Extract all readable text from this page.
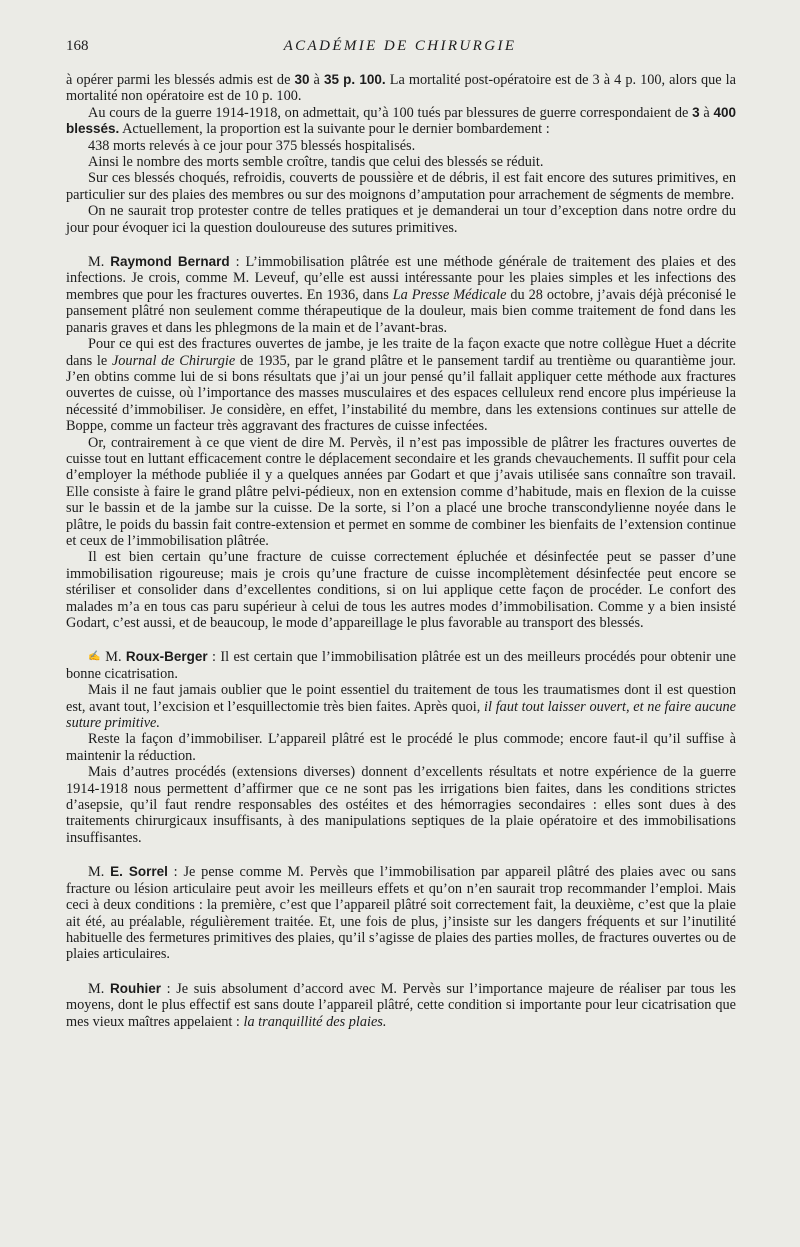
168	ACADÉMIE DE CHIRURGIE

à opérer parmi les blessés admis est de 30 à 35 p. 100. La mortalité post-opératoire est de 3 à 4 p. 100, alors que la mortalité non opératoire est de 10 p. 100.

Au cours de la guerre 1914-1918, on admettait, qu’à 100 tués par blessures de guerre correspondaient de 3 à 400 blessés. Actuellement, la proportion est la suivante pour le dernier bombardement :

438 morts relevés à ce jour pour 375 blessés hospitalisés.

Ainsi le nombre des morts semble croître, tandis que celui des blessés se réduit.

Sur ces blessés choqués, refroidis, couverts de poussière et de débris, il est fait encore des sutures primitives, en particulier sur des plaies des membres ou sur des moignons d’amputation pour arrachement de ségments de membre.

On ne saurait trop protester contre de telles pratiques et je demanderai un tour d’exception dans notre ordre du jour pour évoquer ici la question douloureuse des sutures primitives.

M. Raymond Bernard : L’immobilisation plâtrée est une méthode générale de traitement des plaies et des infections. Je crois, comme M. Leveuf, qu’elle est aussi intéressante pour les plaies simples et les infections des membres que pour les fractures ouvertes. En 1936, dans La Presse Médicale du 28 octobre, j’avais déjà préconisé le pansement plâtré non seulement comme thérapeutique de la douleur, mais bien comme traitement de fond dans les panaris graves et dans les phlegmons de la main et de l’avant-bras.

Pour ce qui est des fractures ouvertes de jambe, je les traite de la façon exacte que notre collègue Huet a décrite dans le Journal de Chirurgie de 1935, par le grand plâtre et le pansement tardif au trentième ou quarantième jour. J’en obtins comme lui de si bons résultats que j’ai un jour pensé qu’il fallait appliquer cette méthode aux fractures ouvertes de cuisse, où l’importance des masses musculaires et des espaces celluleux rend encore plus impérieuse la nécessité d’immobiliser. Je considère, en effet, l’instabilité du membre, dans les extensions continues sur attelle de Boppe, comme un facteur très aggravant des fractures de cuisse infectées.

Or, contrairement à ce que vient de dire M. Pervès, il n’est pas impossible de plâtrer les fractures ouvertes de cuisse tout en luttant efficacement contre le déplacement secondaire et les grands chevauchements. Il suffit pour cela d’employer la méthode publiée il y a quelques années par Godart et que j’avais utilisée sans connaître son travail. Elle consiste à faire le grand plâtre pelvi-pédieux, non en extension comme d’habitude, mais en flexion de la cuisse sur le bassin et de la jambe sur la cuisse. De la sorte, si l’on a placé une broche transcondylienne noyée dans le plâtre, le poids du bassin fait contre-extension et permet en somme de combiner les bienfaits de l’extension continue et ceux de l’immobilisation plâtrée.

Il est bien certain qu’une fracture de cuisse correctement épluchée et désinfectée peut se passer d’une immobilisation rigoureuse; mais je crois qu’une fracture de cuisse incomplètement désinfectée peut encore se stériliser et consolider dans d’excellentes conditions, si on lui applique cette façon de procéder. Le confort des malades m’a en tous cas paru supérieur à celui de tous les autres modes d’immobilisation. Comme y a bien insisté Godart, c’est aussi, et de beaucoup, le mode d’appareillage le plus favorable au transport des blessés.

✍ M. Roux-Berger : Il est certain que l’immobilisation plâtrée est un des meilleurs procédés pour obtenir une bonne cicatrisation.

Mais il ne faut jamais oublier que le point essentiel du traitement de tous les traumatismes dont il est question est, avant tout, l’excision et l’esquillectomie très bien faites. Après quoi, il faut tout laisser ouvert, et ne faire aucune suture primitive.

Reste la façon d’immobiliser. L’appareil plâtré est le procédé le plus commode; encore faut-il qu’il suffise à maintenir la réduction.

Mais d’autres procédés (extensions diverses) donnent d’excellents résultats et notre expérience de la guerre 1914-1918 nous permettent d’affirmer que ce ne sont pas les irrigations bien faites, dans les conditions strictes d’asepsie, qu’il faut rendre responsables des ostéites et des hémorragies secondaires : elles sont dues à des traitements chirurgicaux insuffisants, à des manipulations septiques de la plaie opératoire et des immobilisations insuffisantes.

M. E. Sorrel : Je pense comme M. Pervès que l’immobilisation par appareil plâtré des plaies avec ou sans fracture ou lésion articulaire peut avoir les meilleurs effets et qu’on n’en saurait trop recommander l’emploi. Mais ceci à deux conditions : la première, c’est que l’appareil plâtré soit correctement fait, la deuxième, c’est que la plaie ait été, au préalable, régulièrement traitée. Et, une fois de plus, j’insiste sur les dangers fréquents et sur l’inutilité habituelle des fermetures primitives des plaies, qu’il s’agisse de plaies des parties molles, de fractures ouvertes ou de plaies articulaires.

M. Rouhier : Je suis absolument d’accord avec M. Pervès sur l’importance majeure de réaliser par tous les moyens, dont le plus effectif est sans doute l’appareil plâtré, cette condition si importante pour leur cicatrisation que mes vieux maîtres appelaient : la tranquillité des plaies.
